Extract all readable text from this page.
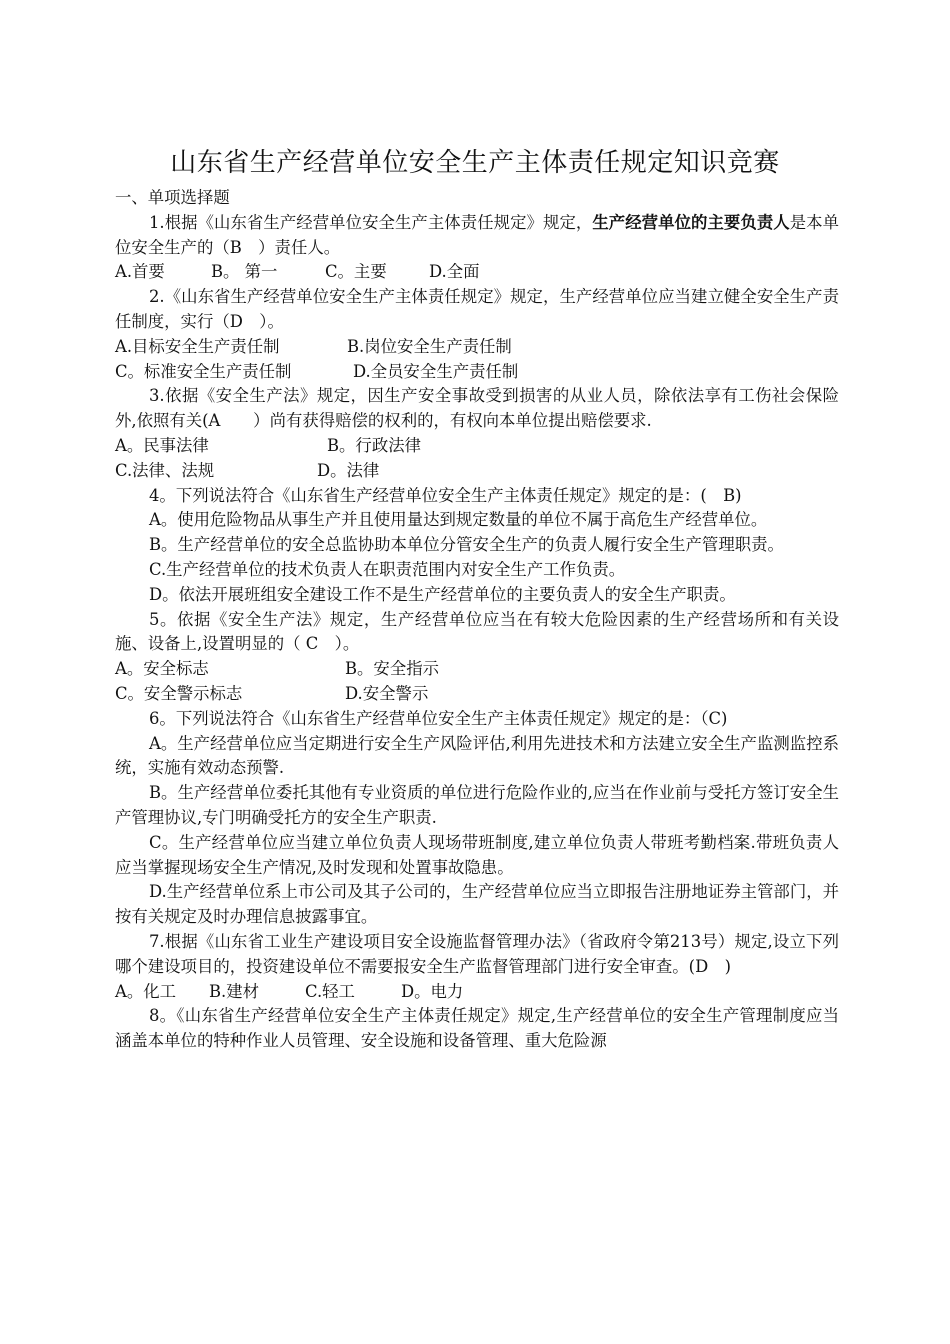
山东省生产经营单位安全生产主体责任规定知识竞赛

一、单项选择题

1.根据《山东省生产经营单位安全生产主体责任规定》规定，生产经营单位的主要负责人是本单位安全生产的（B　）责任人。

A.首要	B。 第一	C。主要	D.全面

2.《山东省生产经营单位安全生产主体责任规定》规定，生产经营单位应当建立健全安全生产责任制度，实行（D　）。

A.目标安全生产责任制	B.岗位安全生产责任制

C。标准安全生产责任制	D.全员安全生产责任制

3.依据《安全生产法》规定，因生产安全事故受到损害的从业人员，除依法享有工伤社会保险外,依照有关(A　　）尚有获得赔偿的权利的，有权向本单位提出赔偿要求.

A。民事法律	B。行政法律

C.法律、法规	D。法律

4。下列说法符合《山东省生产经营单位安全生产主体责任规定》规定的是：(　B)

A。使用危险物品从事生产并且使用量达到规定数量的单位不属于高危生产经营单位。

B。生产经营单位的安全总监协助本单位分管安全生产的负责人履行安全生产管理职责。

C.生产经营单位的技术负责人在职责范围内对安全生产工作负责。

D。依法开展班组安全建设工作不是生产经营单位的主要负责人的安全生产职责。

5。依据《安全生产法》规定，生产经营单位应当在有较大危险因素的生产经营场所和有关设施、设备上,设置明显的（ C　）。

A。安全标志	B。安全指示

C。安全警示标志	D.安全警示

6。下列说法符合《山东省生产经营单位安全生产主体责任规定》规定的是：（C)

A。生产经营单位应当定期进行安全生产风险评估,利用先进技术和方法建立安全生产监测监控系统，实施有效动态预警.

B。生产经营单位委托其他有专业资质的单位进行危险作业的,应当在作业前与受托方签订安全生产管理协议,专门明确受托方的安全生产职责.

C。生产经营单位应当建立单位负责人现场带班制度,建立单位负责人带班考勤档案.带班负责人应当掌握现场安全生产情况,及时发现和处置事故隐患。

D.生产经营单位系上市公司及其子公司的，生产经营单位应当立即报告注册地证券主管部门，并按有关规定及时办理信息披露事宜。

7.根据《山东省工业生产建设项目安全设施监督管理办法》（省政府令第213号）规定,设立下列哪个建设项目的，投资建设单位不需要报安全生产监督管理部门进行安全审查。(D　)

A。化工 B.建材	C.轻工	D。电力

8。《山东省生产经营单位安全生产主体责任规定》规定,生产经营单位的安全生产管理制度应当涵盖本单位的特种作业人员管理、安全设施和设备管理、重大危险源
